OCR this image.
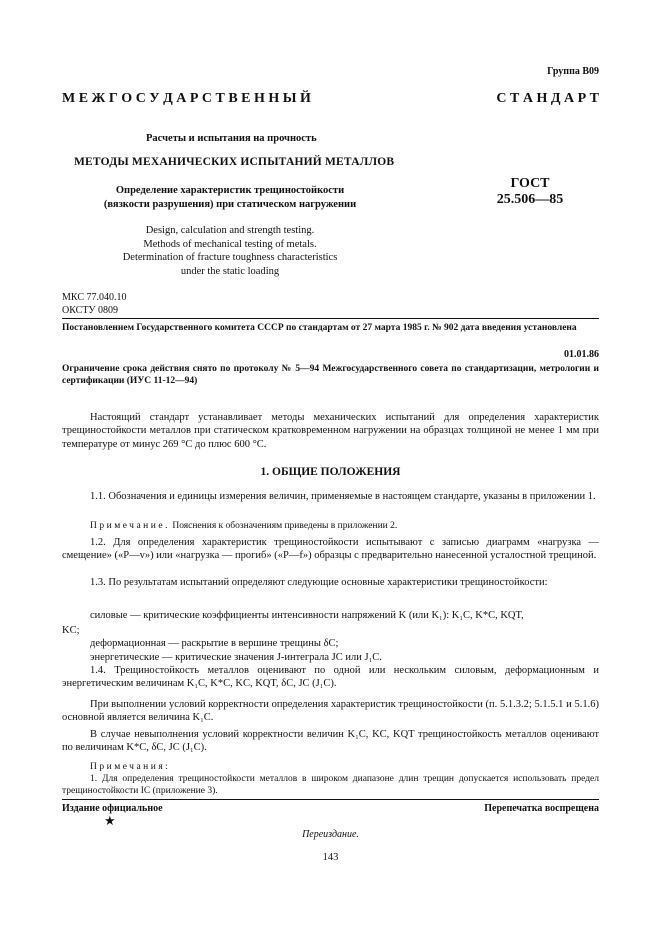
Группа В09
М Е Ж Г О С У Д А Р С Т В Е Н Н Ы Й	С Т А Н Д А Р Т
Расчеты и испытания на прочность
МЕТОДЫ МЕХАНИЧЕСКИХ ИСПЫТАНИЙ МЕТАЛЛОВ
Определение характеристик трещиностойкости
(вязкости разрушения) при статическом нагружении
ГОСТ
25.506—85
Design, calculation and strength testing.
Methods of mechanical testing of metals.
Determination of fracture toughness characteristics
under the static loading
МКС 77.040.10
ОКСТУ 0809
Постановлением Государственного комитета СССР по стандартам от 27 марта 1985 г. № 902 дата введения установлена
01.01.86
Ограничение срока действия снято по протоколу № 5—94 Межгосударственного совета по стандартизации, метрологии и сертификации (ИУС 11-12—94)
Настоящий стандарт устанавливает методы механических испытаний для определения характеристик трещиностойкости металлов при статическом кратковременном нагружении на образцах толщиной не менее 1 мм при температуре от минус 269 °С до плюс 600 °С.
1. ОБЩИЕ ПОЛОЖЕНИЯ
1.1. Обозначения и единицы измерения величин, применяемые в настоящем стандарте, указаны в приложении 1.
Примечание. Пояснения к обозначениям приведены в приложении 2.
1.2. Для определения характеристик трещиностойкости испытывают с записью диаграмм «нагрузка — смещение» («P—v») или «нагрузка — прогиб» («P—f») образцы с предварительно нанесенной усталостной трещиной.
1.3. По результатам испытаний определяют следующие основные характеристики трещиностойкости:
силовые — критические коэффициенты интенсивности напряжений K (или K₁): K₁C, K*C, KQT,
KC;
деформационная — раскрытие в вершине трещины δC;
энергетические — критические значения J-интеграла JC или J₁C.
1.4. Трещиностойкость металлов оценивают по одной или нескольким силовым, деформационным и энергетическим величинам K₁C, K*C, KC, KQT, δC, JC (J₁C).
При выполнении условий корректности определения характеристик трещиностойкости (п. 5.1.3.2; 5.1.5.1 и 5.1.6) основной является величина K₁C.
В случае невыполнения условий корректности величин K₁C, KC, KQT трещиностойкость металлов оценивают по величинам K*C, δC, JC (J₁C).
Примечания:
1. Для определения трещиностойкости металлов в широком диапазоне длин трещин допускается использовать предел трещиностойкости IC (приложение 3).
Издание официальное	Перепечатка воспрещена
★
Переиздание.
143
